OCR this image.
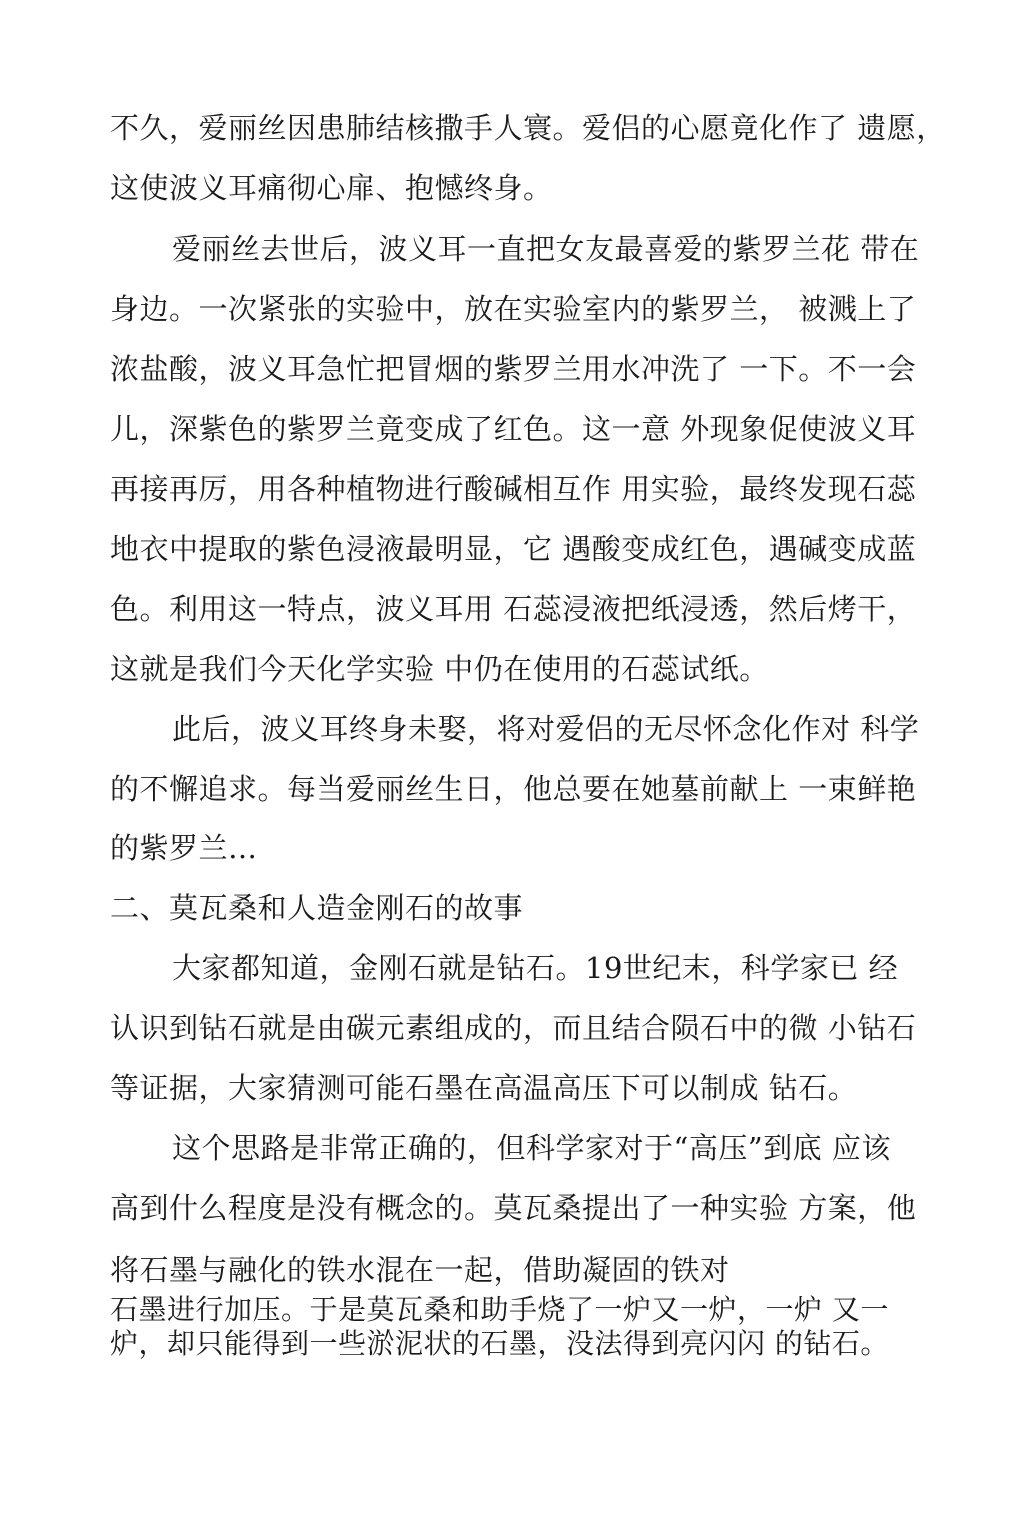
不久，爱丽丝因患肺结核撒手人寰。爱侣的心愿竟化作了 遗愿，
这使波义耳痛彻心扉、抱憾终身。
爱丽丝去世后，波义耳一直把女友最喜爱的紫罗兰花 带在
身边。一次紧张的实验中，放在实验室内的紫罗兰， 被溅上了
浓盐酸，波义耳急忙把冒烟的紫罗兰用水冲洗了 一下。不一会
儿，深紫色的紫罗兰竟变成了红色。这一意 外现象促使波义耳
再接再厉，用各种植物进行酸碱相互作 用实验，最终发现石蕊
地衣中提取的紫色浸液最明显，它 遇酸变成红色，遇碱变成蓝
色。利用这一特点，波义耳用 石蕊浸液把纸浸透，然后烤干，
这就是我们今天化学实验 中仍在使用的石蕊试纸。
此后，波义耳终身未娶，将对爱侣的无尽怀念化作对 科学
的不懈追求。每当爱丽丝生日，他总要在她墓前献上 一束鲜艳
的紫罗兰…
二、莫瓦桑和人造金刚石的故事
大家都知道，金刚石就是钻石。19世纪末，科学家已 经
认识到钻石就是由碳元素组成的，而且结合陨石中的微 小钻石
等证据，大家猜测可能石墨在高温高压下可以制成 钻石。
这个思路是非常正确的，但科学家对于“高压”到底 应该
高到什么程度是没有概念的。莫瓦桑提出了一种实验 方案，他
将石墨与融化的铁水混在一起，借助凝固的铁对
石墨进行加压。于是莫瓦桑和助手烧了一炉又一炉，一炉 又一
炉，却只能得到一些淤泥状的石墨，没法得到亮闪闪 的钻石。
